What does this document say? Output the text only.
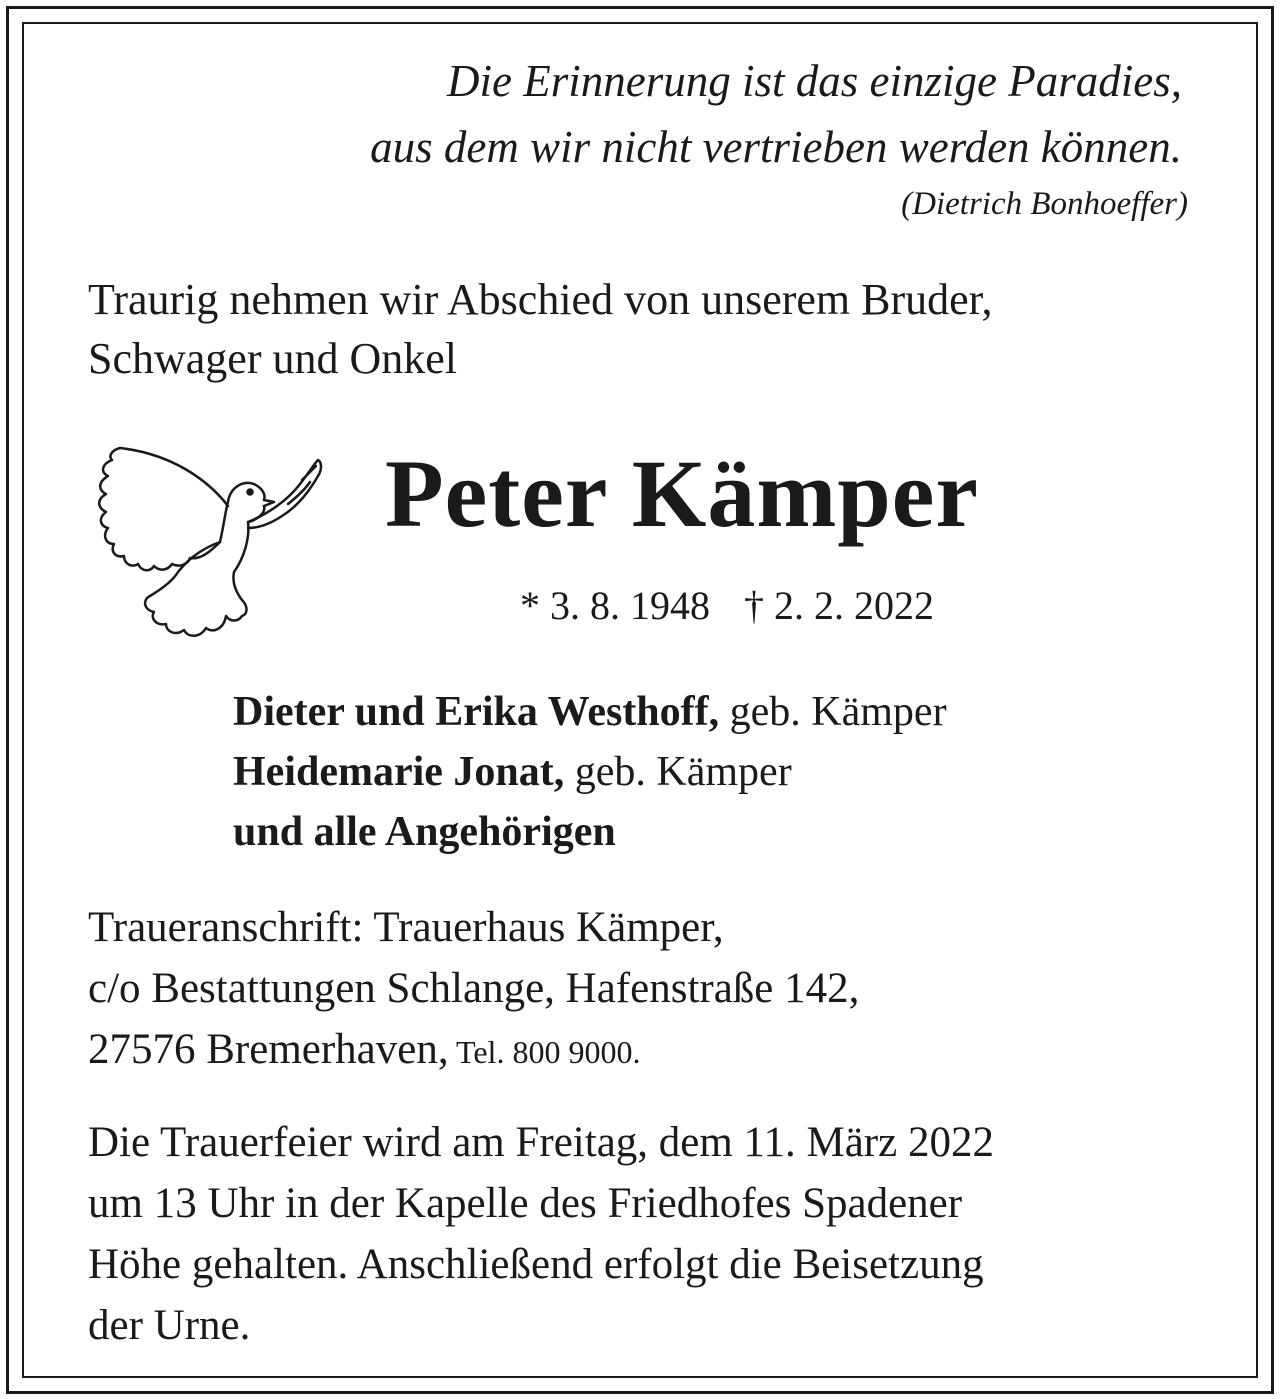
Die Erinnerung ist das einzige Paradies,
aus dem wir nicht vertrieben werden können.
(Dietrich Bonhoeffer)
Traurig nehmen wir Abschied von unserem Bruder,
Schwager und Onkel
Peter Kämper
* 3. 8. 1948 † 2. 2. 2022
Dieter und Erika Westhoff, geb. Kämper
Heidemarie Jonat, geb. Kämper
und alle Angehörigen
Traueranschrift: Trauerhaus Kämper,
c/o Bestattungen Schlange, Hafenstraße 142,
27576 Bremerhaven, Tel. 800 9000.
Die Trauerfeier wird am Freitag, dem 11. März 2022
um 13 Uhr in der Kapelle des Friedhofes Spadener
Höhe gehalten. Anschließend erfolgt die Beisetzung
der Urne.
